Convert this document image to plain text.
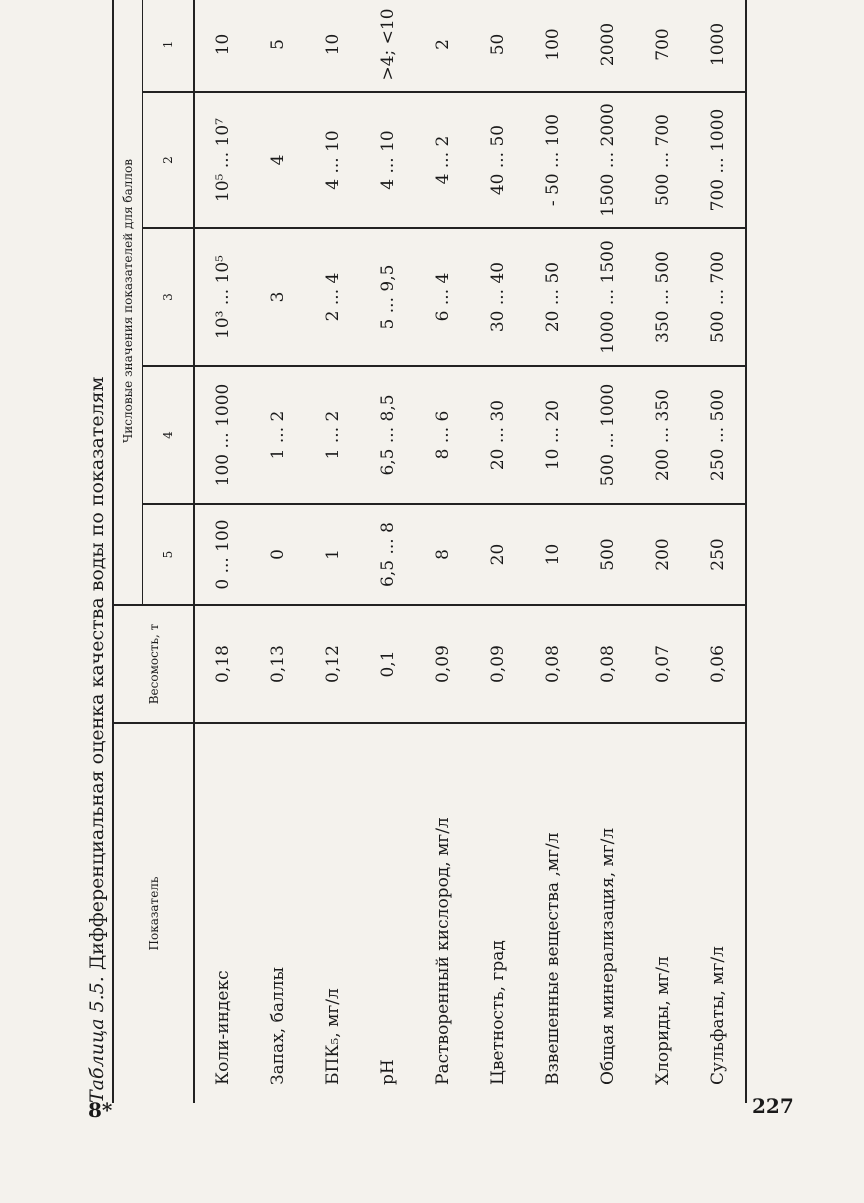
8*	227
Таблица 5.5. Дифференциальная оценка качества воды по показателям	Показатель	Весомость, т	Числовые значения показателей для баллов				
		5	4	3	2	1
Коли-индекс	0,18	0 ... 100	100 ... 1000	10³ ... 10⁵	10⁵ ... 10⁷	10
Запах, баллы	0,13	0	1 ... 2	3	4	5
БПК₅, мг/л	0,12	1	1 ... 2	2 ... 4	4 ... 10	10
pH	0,1	6,5 ... 8	6,5 ... 8,5	5 ... 9,5	4 ... 10	>4; <10
Растворенный кислород, мг/л	0,09	8	8 ... 6	6 ... 4	4 ... 2	2
Цветность, град	0,09	20	20 ... 30	30 ... 40	40 ... 50	50
Взвешенные вещества ,мг/л	0,08	10	10 ... 20	20 ... 50	- 50 ... 100	100
Общая минерализация, мг/л	0,08	500	500 ... 1000	1000 ... 1500	1500 ... 2000	2000
Хлориды, мг/л	0,07	200	200 ... 350	350 ... 500	500 ... 700	700
Сульфаты, мг/л	0,06	250	250 ... 500	500 ... 700	700 ... 1000	1000
